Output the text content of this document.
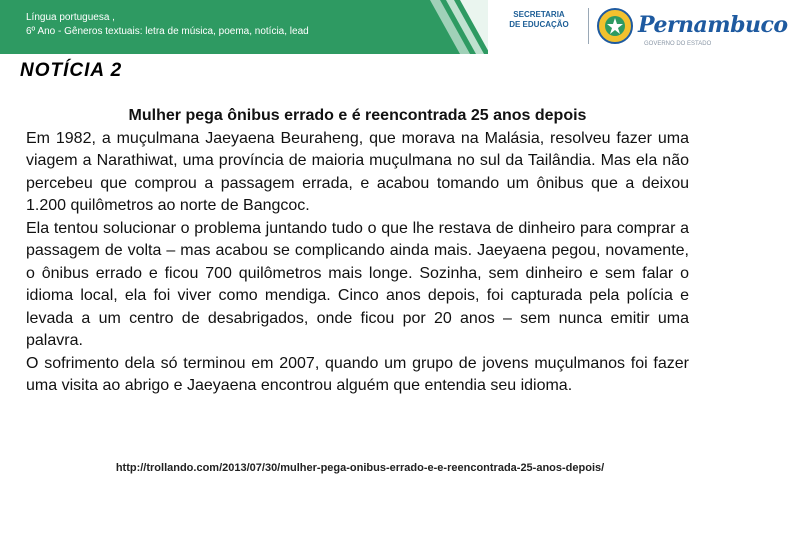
Língua portuguesa ,
6º Ano - Gêneros textuais: letra de música, poema, notícia, lead
SECRETARIA
DE EDUCAÇÃO	Pernambuco
GOVERNO DO ESTADO
NOTÍCIA 2
Mulher pega ônibus errado e é reencontrada 25 anos depois

Em 1982, a muçulmana Jaeyaena Beuraheng, que morava na Malásia, resolveu fazer uma viagem a Narathiwat, uma província de maioria muçulmana no sul da Tailândia. Mas ela não percebeu que comprou a passagem errada, e acabou tomando um ônibus que a deixou 1.200 quilômetros ao norte de Bangcoc.

Ela tentou solucionar o problema juntando tudo o que lhe restava de dinheiro para comprar a passagem de volta – mas acabou se complicando ainda mais. Jaeyaena pegou, novamente, o ônibus errado e ficou 700 quilômetros mais longe. Sozinha, sem dinheiro e sem falar o idioma local, ela foi viver como mendiga. Cinco anos depois, foi capturada pela polícia e levada a um centro de desabrigados, onde ficou por 20 anos – sem nunca emitir uma palavra.

O sofrimento dela só terminou em 2007, quando um grupo de jovens muçulmanos foi fazer uma visita ao abrigo e Jaeyaena encontrou alguém que entendia seu idioma.

http://trollando.com/2013/07/30/mulher-pega-onibus-errado-e-e-reencontrada-25-anos-depois/
